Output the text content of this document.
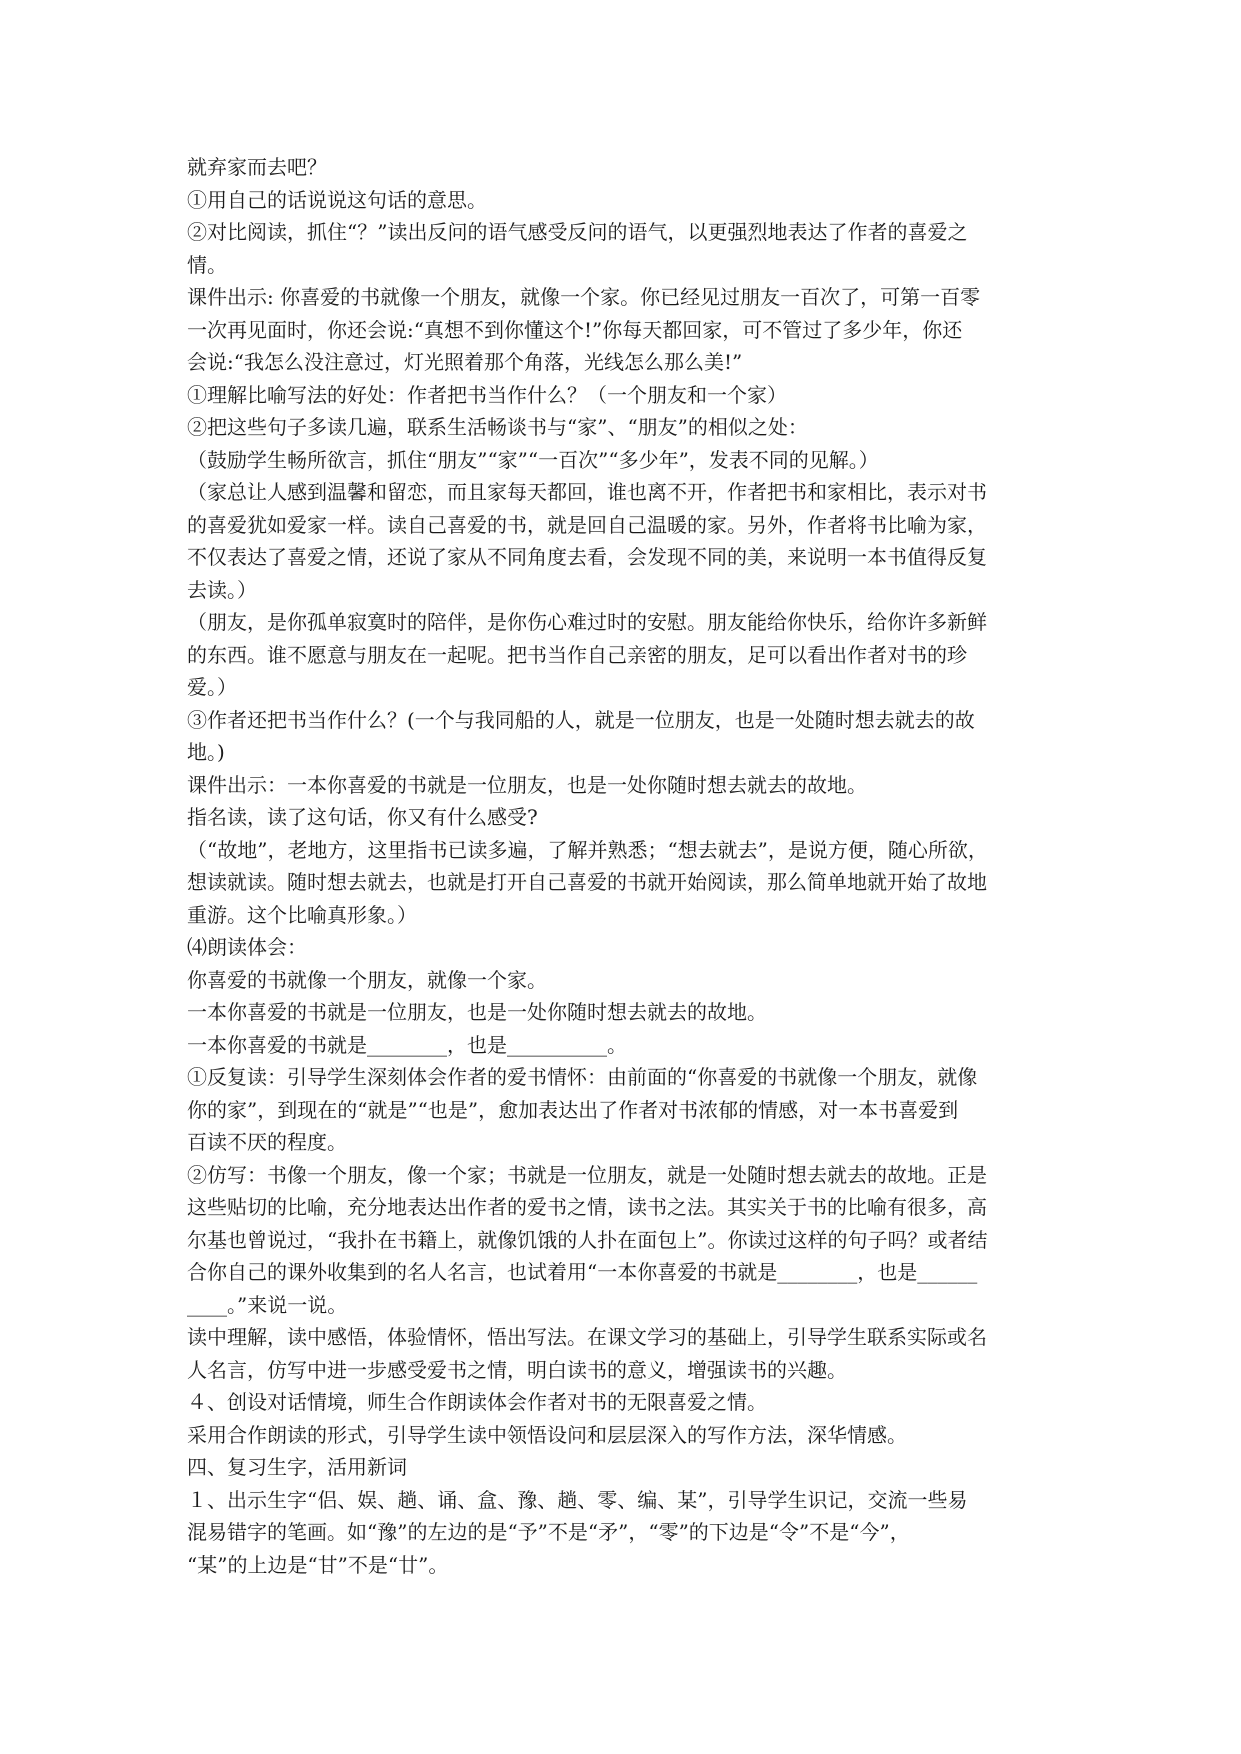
就弃家而去吧？
①用自己的话说说这句话的意思。
②对比阅读，抓住“？”读出反问的语气感受反问的语气，以更强烈地表达了作者的喜爱之
情。
课件出示: 你喜爱的书就像一个朋友，就像一个家。你已经见过朋友一百次了，可第一百零
一次再见面时，你还会说:“真想不到你懂这个!”你每天都回家，可不管过了多少年，你还
会说:“我怎么没注意过，灯光照着那个角落，光线怎么那么美!”
①理解比喻写法的好处：作者把书当作什么？（一个朋友和一个家）
②把这些句子多读几遍，联系生活畅谈书与“家”、“朋友”的相似之处：
（鼓励学生畅所欲言，抓住“朋友”“家”“一百次”“多少年”，发表不同的见解。）
（家总让人感到温馨和留恋，而且家每天都回，谁也离不开，作者把书和家相比，表示对书
的喜爱犹如爱家一样。读自己喜爱的书，就是回自己温暖的家。另外，作者将书比喻为家，
不仅表达了喜爱之情，还说了家从不同角度去看，会发现不同的美，来说明一本书值得反复
去读。）
（朋友，是你孤单寂寞时的陪伴，是你伤心难过时的安慰。朋友能给你快乐，给你许多新鲜
的东西。谁不愿意与朋友在一起呢。把书当作自己亲密的朋友，足可以看出作者对书的珍
爱。）
③作者还把书当作什么？(一个与我同船的人，就是一位朋友，也是一处随时想去就去的故
地。)
课件出示：一本你喜爱的书就是一位朋友，也是一处你随时想去就去的故地。
指名读，读了这句话，你又有什么感受?
（“故地”，老地方，这里指书已读多遍，了解并熟悉；“想去就去”，是说方便，随心所欲，
想读就读。随时想去就去，也就是打开自己喜爱的书就开始阅读，那么简单地就开始了故地
重游。这个比喻真形象。）
⑷朗读体会：
你喜爱的书就像一个朋友，就像一个家。
一本你喜爱的书就是一位朋友，也是一处你随时想去就去的故地。
一本你喜爱的书就是________，也是__________。
①反复读：引导学生深刻体会作者的爱书情怀：由前面的“你喜爱的书就像一个朋友，就像
你的家”，到现在的“就是”“也是”，愈加表达出了作者对书浓郁的情感，对一本书喜爱到
百读不厌的程度。
②仿写：书像一个朋友，像一个家；书就是一位朋友，就是一处随时想去就去的故地。正是
这些贴切的比喻，充分地表达出作者的爱书之情，读书之法。其实关于书的比喻有很多，高
尔基也曾说过，“我扑在书籍上，就像饥饿的人扑在面包上”。你读过这样的句子吗？或者结
合你自己的课外收集到的名人名言，也试着用“一本你喜爱的书就是________，也是______
____。”来说一说。
读中理解，读中感悟，体验情怀，悟出写法。在课文学习的基础上，引导学生联系实际或名
人名言，仿写中进一步感受爱书之情，明白读书的意义，增强读书的兴趣。
４、创设对话情境，师生合作朗读体会作者对书的无限喜爱之情。
采用合作朗读的形式，引导学生读中领悟设问和层层深入的写作方法，深华情感。
四、复习生字，活用新词
１、出示生字“侣、娱、趟、诵、盒、豫、趟、零、编、某”，引导学生识记，交流一些易
混易错字的笔画。如“豫”的左边的是“予”不是“矛”，“零”的下边是“令”不是“今”，
“某”的上边是“甘”不是“廿”。
